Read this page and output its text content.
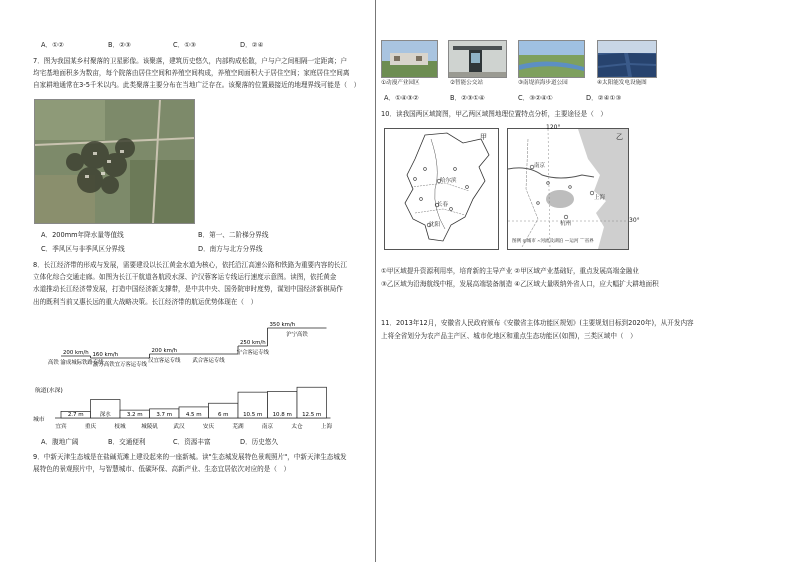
A．①②	B．②③	C．①③	D．②④
7．图为我国某乡村聚落的卫星影像。该聚落，建筑历史悠久，内部构成松散，户与户之间相隔一定距离；户
均宅基地面积多为数亩，每个院落由居住空间和养殖空间构成，养殖空间面积大于居住空间；家庭居住空间离
自家耕地通常在3-5千米以内。此类聚落主要分布在当地广泛存在。该聚落的位置最接近的地理界线可能是（　）
A．200mm年降水量等值线	B．第一、二阶梯分界线
C．季风区与非季风区分界线	D．南方与北方分界线
8．长江经济带的形成与发展，需要建设以长江黄金水道为核心，依托沿江高速公路和铁路为重要内容的长江
立体化综合交通走廊。如图为长江干航道各航段水深、沪汉蓉客运专线运行速度示意图。读图，依托黄金
水道推动长江经济带发展，打造中国经济新支撑带，是中共中央、国务院审时度势，谋划中国经济新棋局作
出的既利当前又惠长远的重大战略决策。长江经济带的航运优势体现在（　）
2.7 m	深水	3.2 m 3.7 m 4.5 m	6 m	10.5 m 10.8 m 12.5 m
宜宾	重庆	枝城	城陵矶	武汉	安庆	芜湖	南京	太仓	上海
航道(水深)
城市
200 km/h
高铁 渝成城际铁路专线
160 km/h
渝万高铁宜万客运专线
200 km/h
汉宜客运专线 武合客运专线
250 km/h
宁合客运专线
350 km/h
沪宁高铁
A．腹地广阔	B．交通便利	C．资源丰富	D．历史悠久
9．中新天津生态城是在盐碱荒滩上建设起来的一座新城。读"生态城发展特色景观照片"，中新天津生态城发
展特色的景观照片中，与智慧城市、低碳环保、高新产业、生态宜居依次对应的是（　）
①动漫产业园区	②智能公交站	③南堤滨海步道公园	④太阳能发电设施图
A．①④③②	B．②③①④	C．③②④①	D．②④①③
10．读我国两区域简图，甲乙两区域图地理位置特点分析，主要途径是（　）
甲
哈尔滨
长春
沈阳
乙
南京
上海
杭州
图例 ◎城市 ⌢河流及湖泊 —运河 ⌒省界
120°
30°
①甲区域提升资源利用率，培育新的主导产业 ②甲区域产业基础好，重点发展高端金融业
③乙区域为沿海航线中枢，发展高端装备制造 ④乙区域大量吸纳外省人口，应大幅扩大耕地面积
11．2013年12月，安徽省人民政府颁布《安徽省主体功能区规划》(主要规划目标到2020年)，从开发内容
上将全省划分为农产品主产区、城市化地区和重点生态功能区(如图)，三类区域中（　）
